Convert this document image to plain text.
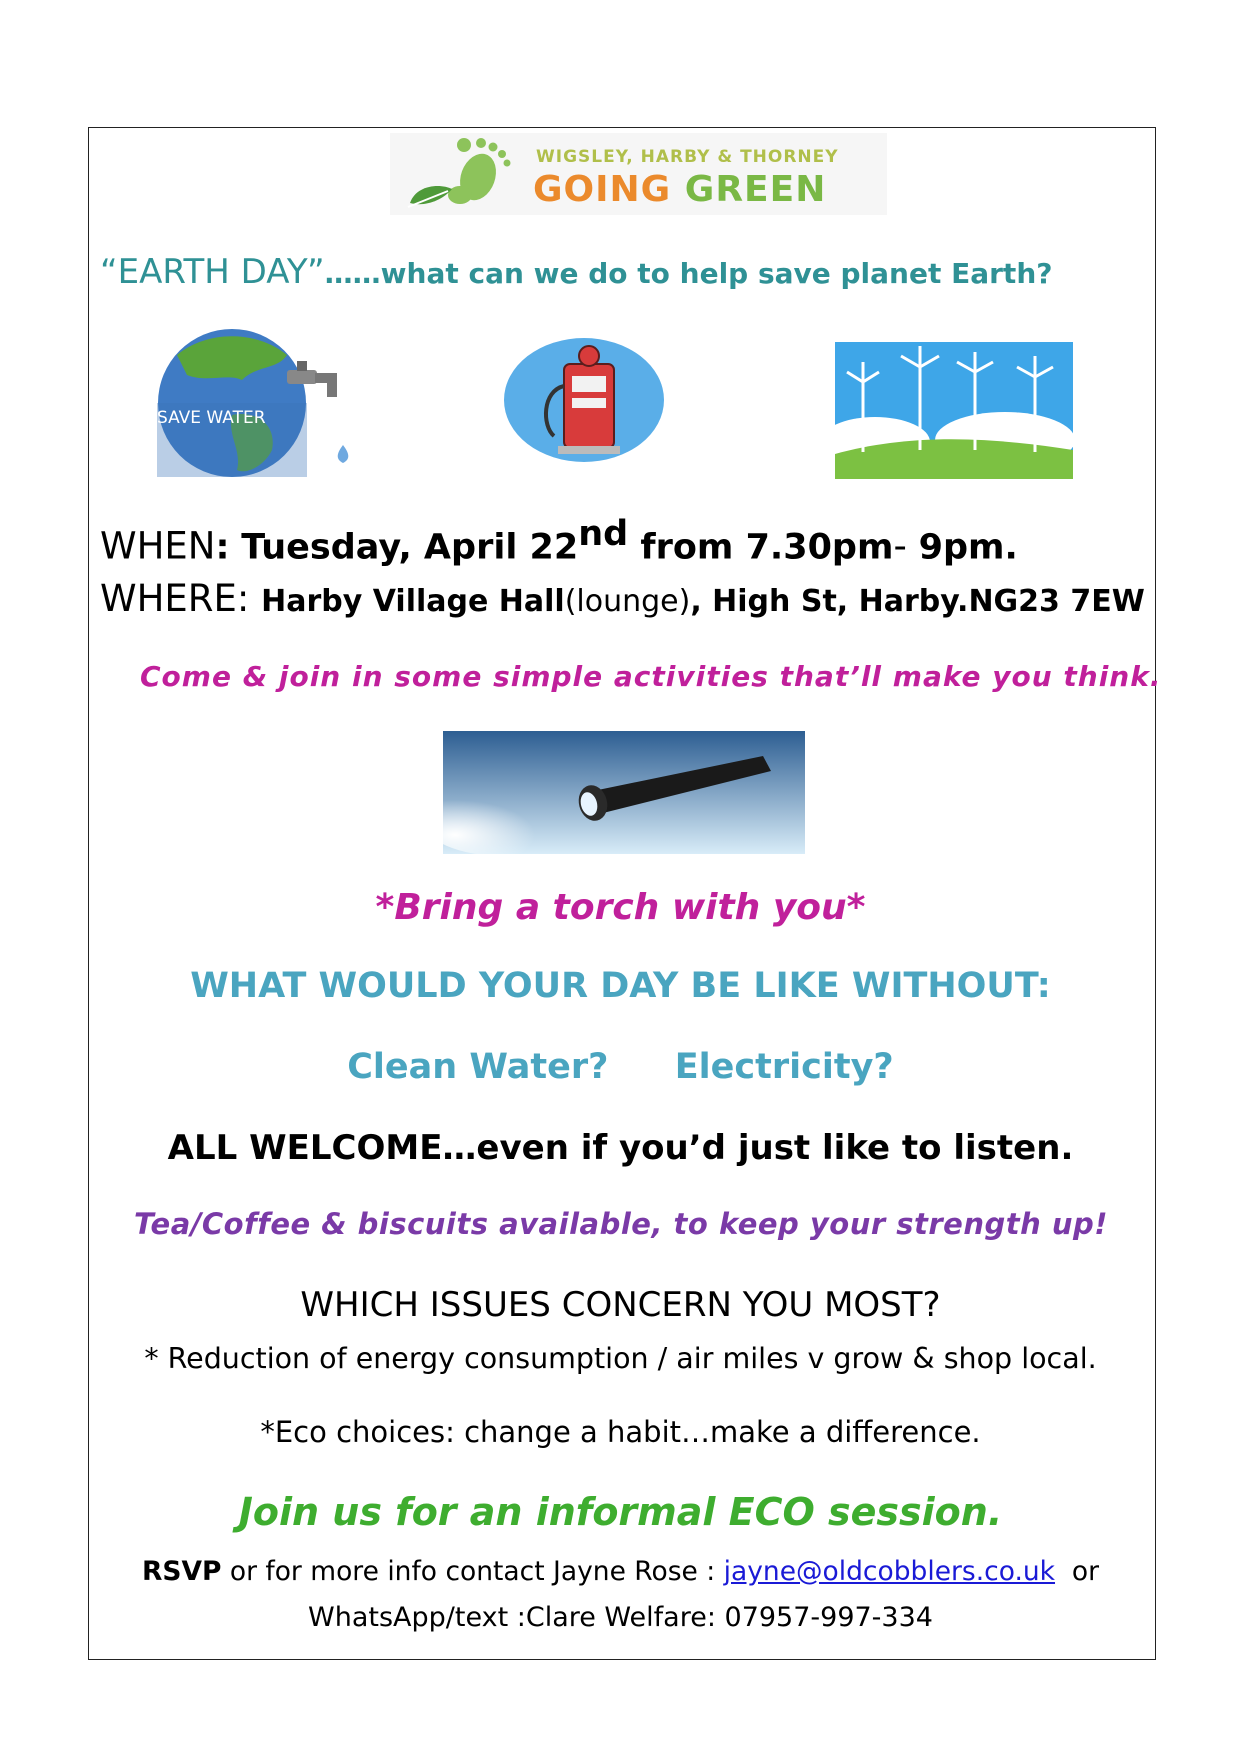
WIGSLEY, HARBY & THORNEY
GOING GREEN
“EARTH DAY”……what can we do to help save planet Earth?
SAVE WATER
WHEN: Tuesday, April 22nd from 7.30pm- 9pm.
WHERE: Harby Village Hall(lounge), High St, Harby.NG23 7EW
Come & join in some simple activities that’ll make you think.
*Bring a torch with you*
WHAT WOULD YOUR DAY BE LIKE WITHOUT:
Clean Water? Electricity?
ALL WELCOME…even if you’d just like to listen.
Tea/Coffee & biscuits available, to keep your strength up!
WHICH ISSUES CONCERN YOU MOST?
* Reduction of energy consumption / air miles v grow & shop local.
*Eco choices: change a habit…make a difference.
Join us for an informal ECO session.
RSVP or for more info contact Jayne Rose : jayne@oldcobblers.co.uk  or
WhatsApp/text :Clare Welfare: 07957-997-334
